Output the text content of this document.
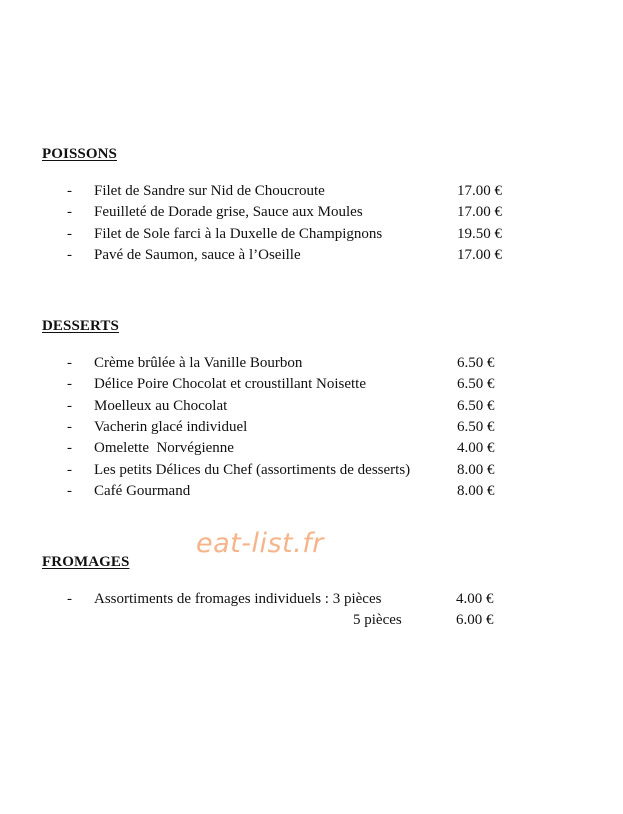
POISSONS
- Filet de Sandre sur Nid de Choucroute	17.00 €
- Feuilleté de Dorade grise, Sauce aux Moules	17.00 €
- Filet de Sole farci à la Duxelle de Champignons	19.50 €
- Pavé de Saumon, sauce à l’Oseille	17.00 €
DESSERTS
- Crème brûlée à la Vanille Bourbon	6.50 €
- Délice Poire Chocolat et croustillant Noisette	6.50 €
- Moelleux au Chocolat	6.50 €
- Vacherin glacé individuel	6.50 €
- Omelette  Norvégienne	4.00 €
- Les petits Délices du Chef (assortiments de desserts)	8.00 €
- Café Gourmand	8.00 €
eat-list.fr
FROMAGES
- Assortiments de fromages individuels : 3 pièces	4.00 €
5 pièces	6.00 €
